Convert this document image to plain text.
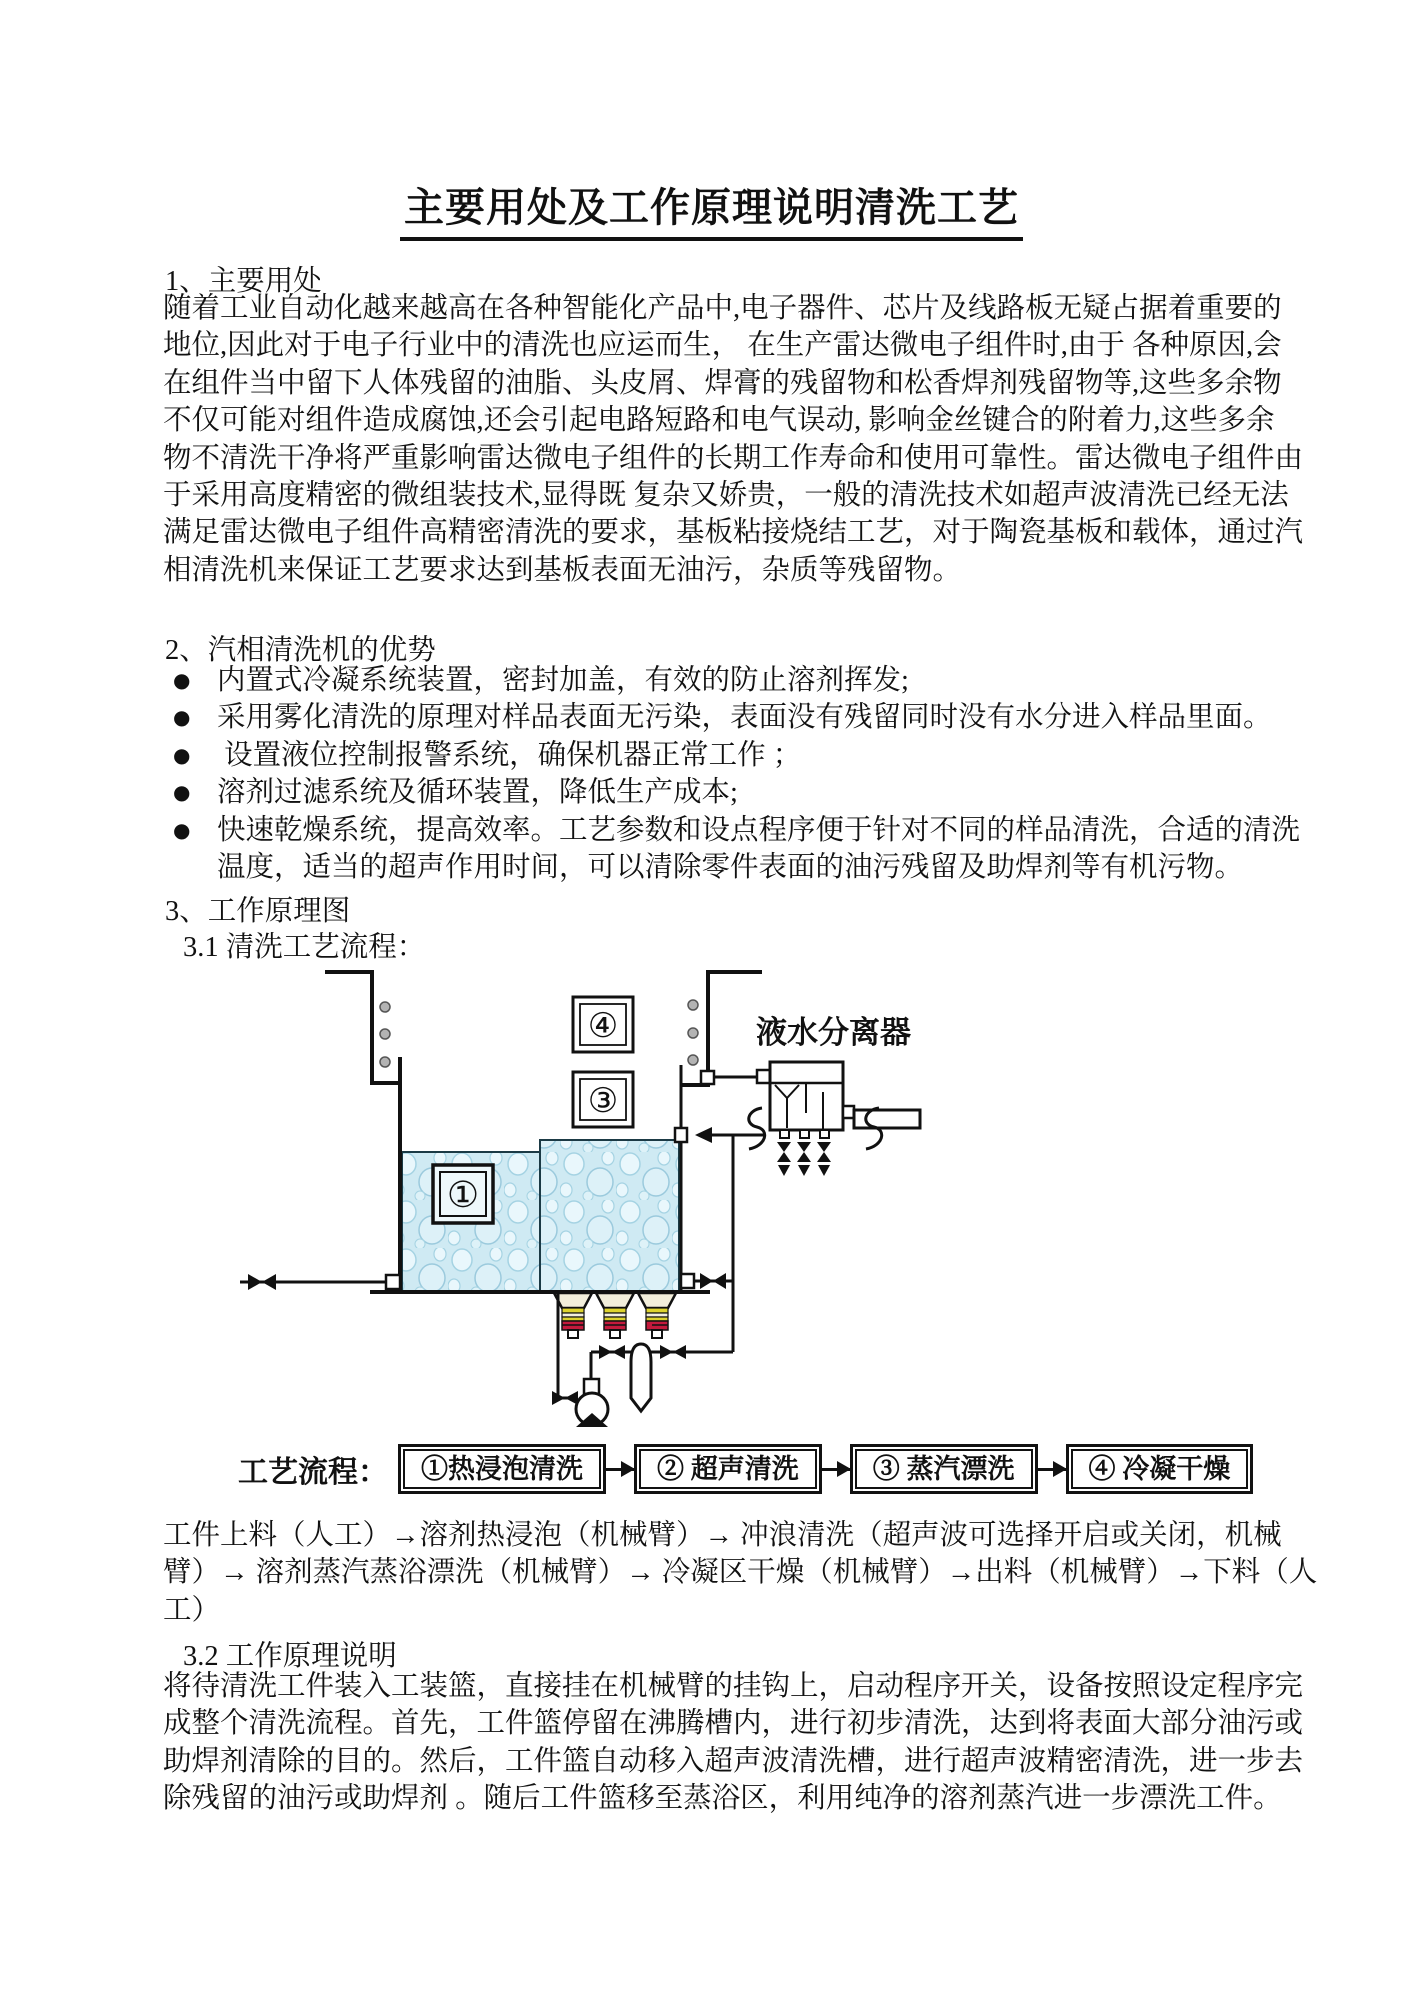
主要用处及工作原理说明清洗工艺
1、主要用处
随着工业自动化越来越高在各种智能化产品中,电子器件、芯片及线路板无疑占据着重要的
地位,因此对于电子行业中的清洗也应运而生， 在生产雷达微电子组件时,由于 各种原因,会
在组件当中留下人体残留的油脂、头皮屑、焊膏的残留物和松香焊剂残留物等,这些多余物
不仅可能对组件造成腐蚀,还会引起电路短路和电气误动, 影响金丝键合的附着力,这些多余
物不清洗干净将严重影响雷达微电子组件的长期工作寿命和使用可靠性。雷达微电子组件由
于采用高度精密的微组装技术,显得既 复杂又娇贵，一般的清洗技术如超声波清洗已经无法
满足雷达微电子组件高精密清洗的要求，基板粘接烧结工艺，对于陶瓷基板和载体，通过汽
相清洗机来保证工艺要求达到基板表面无油污，杂质等残留物。
2、汽相清洗机的优势
● 内置式冷凝系统装置，密封加盖，有效的防止溶剂挥发;
● 采用雾化清洗的原理对样品表面无污染，表面没有残留同时没有水分进入样品里面。
● 设置液位控制报警系统，确保机器正常工作 ；
● 溶剂过滤系统及循环装置，降低生产成本;
● 快速乾燥系统，提高效率。工艺参数和设点程序便于针对不同的样品清洗，合适的清洗
温度，适当的超声作用时间，可以清除零件表面的油污残留及助焊剂等有机污物。
3、工作原理图
3.1 清洗工艺流程：
④
③
①
液水分离器
工艺流程：	①热浸泡清洗	② 超声清洗	③ 蒸汽漂洗	④ 冷凝干燥
工件上料（人工）→溶剂热浸泡（机械臂）→ 冲浪清洗（超声波可选择开启或关闭，机械
臂）→ 溶剂蒸汽蒸浴漂洗（机械臂）→ 冷凝区干燥（机械臂）→出料（机械臂）→下料（人
工）
3.2 工作原理说明
将待清洗工件装入工装篮，直接挂在机械臂的挂钩上，启动程序开关，设备按照设定程序完
成整个清洗流程。首先，工件篮停留在沸腾槽内，进行初步清洗，达到将表面大部分油污或
助焊剂清除的目的。然后，工件篮自动移入超声波清洗槽，进行超声波精密清洗，进一步去
除残留的油污或助焊剂 。随后工件篮移至蒸浴区，利用纯净的溶剂蒸汽进一步漂洗工件。
